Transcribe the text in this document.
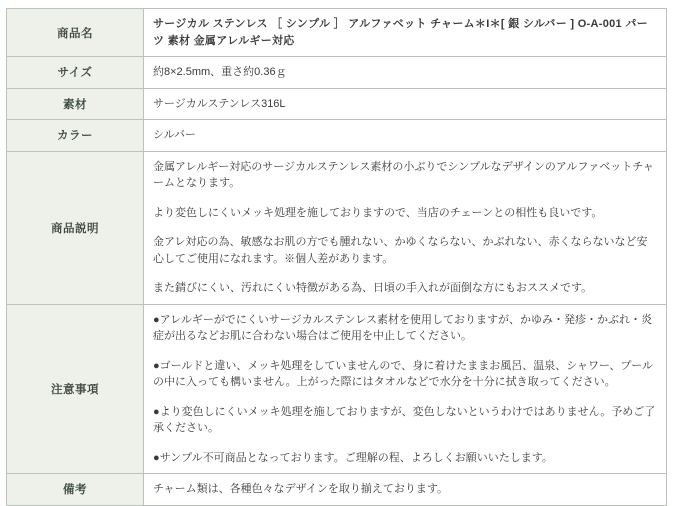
商品名	サージカル ステンレス ［ シンプル ］ アルファベット チャーム＊I＊[ 銀 シルバー ] O-A-001 パーツ 素材 金属アレルギー対応
サイズ	約8×2.5mm、重さ約0.36ｇ
素材	サージカルステンレス316L
カラー	シルバー
商品説明	金属アレルギー対応のサージカルステンレス素材の小ぶりでシンプルなデザインのアルファベットチャームとなります。

より変色しにくいメッキ処理を施しておりますので、当店のチェーンとの相性も良いです。

金アレ対応の為、敏感なお肌の方でも腫れない、かゆくならない、かぶれない、赤くならないなど安心してご使用になれます。※個人差があります。

また錆びにくい、汚れにくい特徴がある為、日頃の手入れが面倒な方にもおススメです。

注意事項	●アレルギーがでにくいサージカルステンレス素材を使用しておりますが、かゆみ・発疹・かぶれ・炎症が出るなどお肌に合わない場合はご使用を中止してください。

●ゴールドと違い、メッキ処理をしていませんので、身に着けたままお風呂、温泉、シャワー、プールの中に入っても構いません。上がった際にはタオルなどで水分を十分に拭き取ってください。

●より変色しにくいメッキ処理を施しておりますが、変色しないというわけではありません。予めご了承ください。

●サンプル不可商品となっております。ご理解の程、よろしくお願いいたします。

備考	チャーム類は、各種色々なデザインを取り揃えております。
